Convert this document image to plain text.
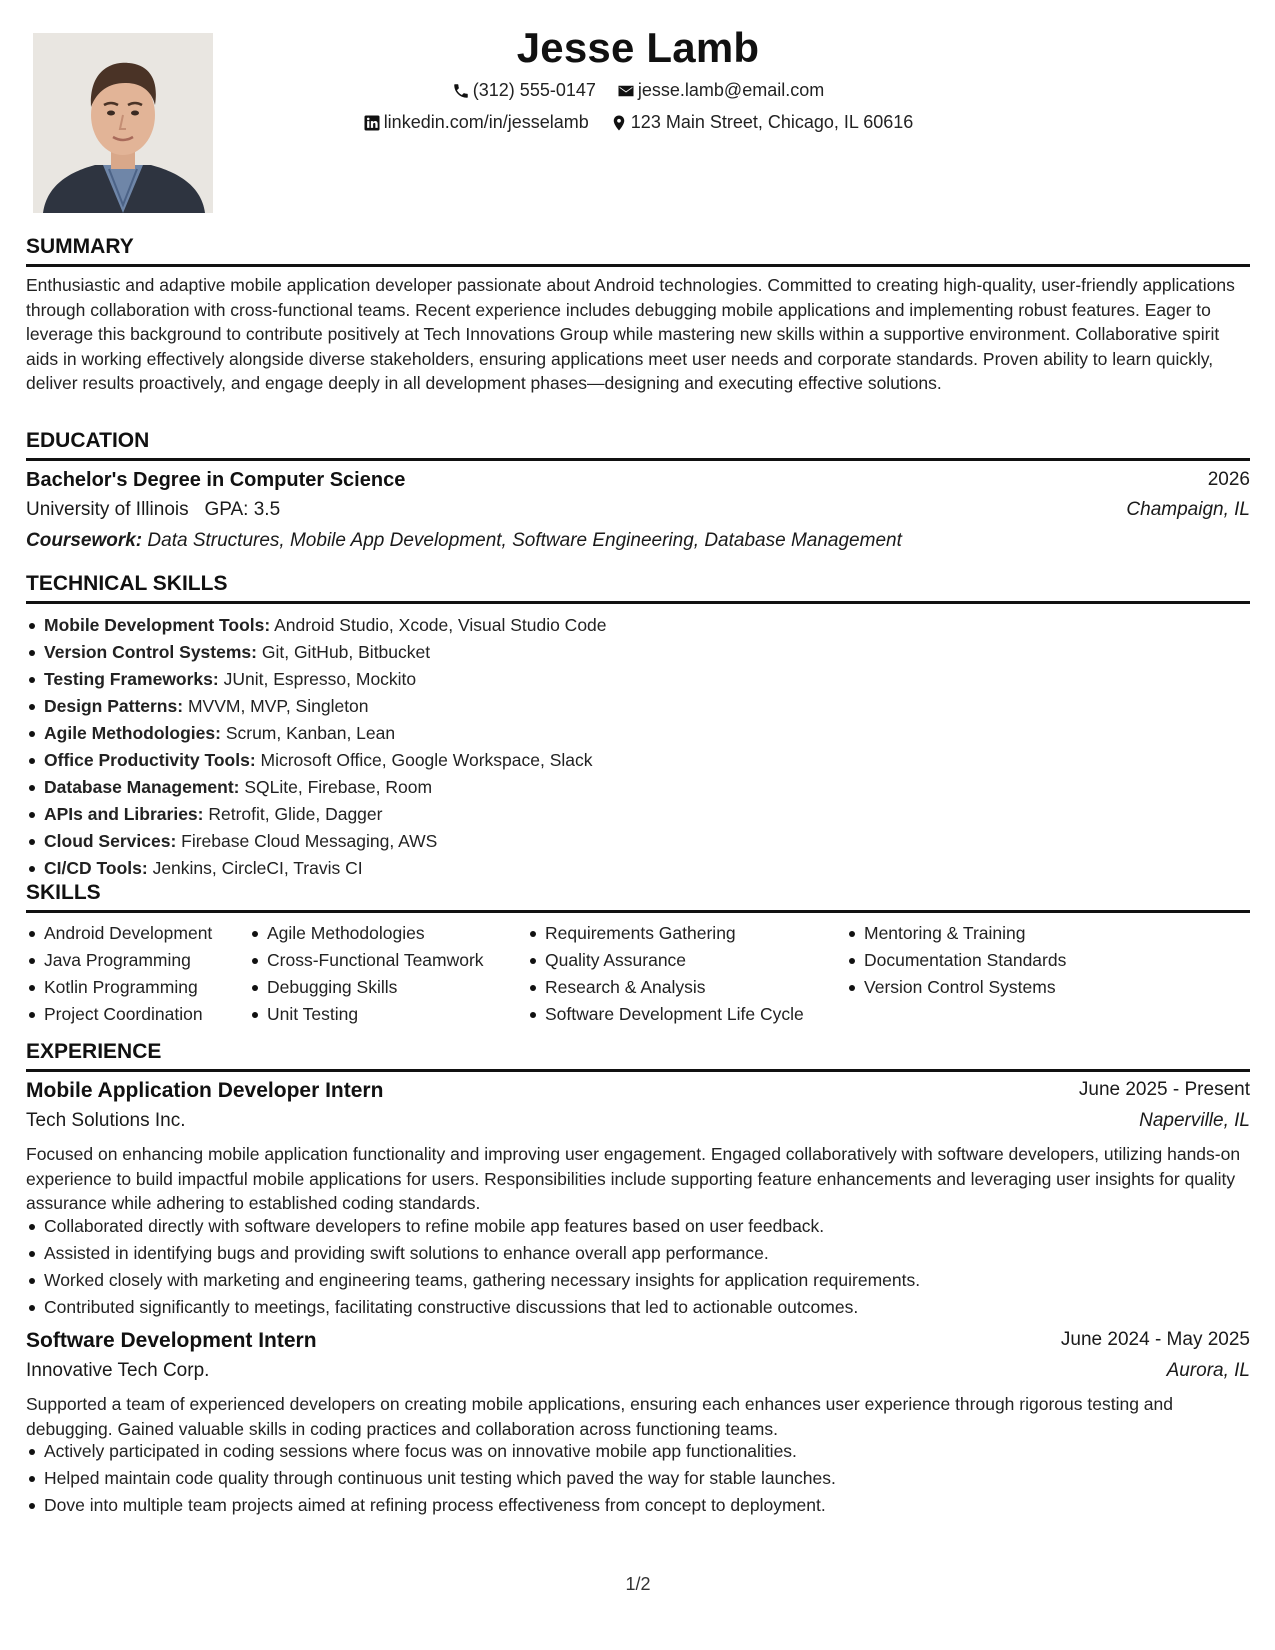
Jesse Lamb
(312) 555-0147
jesse.lamb@email.com
linkedin.com/in/jesselamb
123 Main Street, Chicago, IL 60616
SUMMARY

Enthusiastic and adaptive mobile application developer passionate about Android technologies. Committed to creating high-quality, user-friendly applications through collaboration with cross-functional teams. Recent experience includes debugging mobile applications and implementing robust features. Eager to leverage this background to contribute positively at Tech Innovations Group while mastering new skills within a supportive environment. Collaborative spirit aids in working effectively alongside diverse stakeholders, ensuring applications meet user needs and corporate standards. Proven ability to learn quickly, deliver results proactively, and engage deeply in all development phases—designing and executing effective solutions.

EDUCATION
Bachelor's Degree in Computer Science	2026
University of Illinois GPA: 3.5	Champaign, IL
Coursework: Data Structures, Mobile App Development, Software Engineering, Database Management
TECHNICAL SKILLS
Mobile Development Tools: Android Studio, Xcode, Visual Studio Code
Version Control Systems: Git, GitHub, Bitbucket
Testing Frameworks: JUnit, Espresso, Mockito
Design Patterns: MVVM, MVP, Singleton
Agile Methodologies: Scrum, Kanban, Lean
Office Productivity Tools: Microsoft Office, Google Workspace, Slack
Database Management: SQLite, Firebase, Room
APIs and Libraries: Retrofit, Glide, Dagger
Cloud Services: Firebase Cloud Messaging, AWS
CI/CD Tools: Jenkins, CircleCI, Travis CI
SKILLS
Android Development
Java Programming
Kotlin Programming
Project Coordination
Agile Methodologies
Cross-Functional Teamwork
Debugging Skills
Unit Testing
Requirements Gathering
Quality Assurance
Research & Analysis
Software Development Life Cycle
Mentoring & Training
Documentation Standards
Version Control Systems
EXPERIENCE
Mobile Application Developer Intern	June 2025 - Present
Tech Solutions Inc.	Naperville, IL

Focused on enhancing mobile application functionality and improving user engagement. Engaged collaboratively with software developers, utilizing hands-on experience to build impactful mobile applications for users. Responsibilities include supporting feature enhancements and leveraging user insights for quality assurance while adhering to established coding standards.

Collaborated directly with software developers to refine mobile app features based on user feedback.
Assisted in identifying bugs and providing swift solutions to enhance overall app performance.
Worked closely with marketing and engineering teams, gathering necessary insights for application requirements.
Contributed significantly to meetings, facilitating constructive discussions that led to actionable outcomes.
Software Development Intern	June 2024 - May 2025
Innovative Tech Corp.	Aurora, IL

Supported a team of experienced developers on creating mobile applications, ensuring each enhances user experience through rigorous testing and debugging. Gained valuable skills in coding practices and collaboration across functioning teams.

Actively participated in coding sessions where focus was on innovative mobile app functionalities.
Helped maintain code quality through continuous unit testing which paved the way for stable launches.
Dove into multiple team projects aimed at refining process effectiveness from concept to deployment.
1/2
